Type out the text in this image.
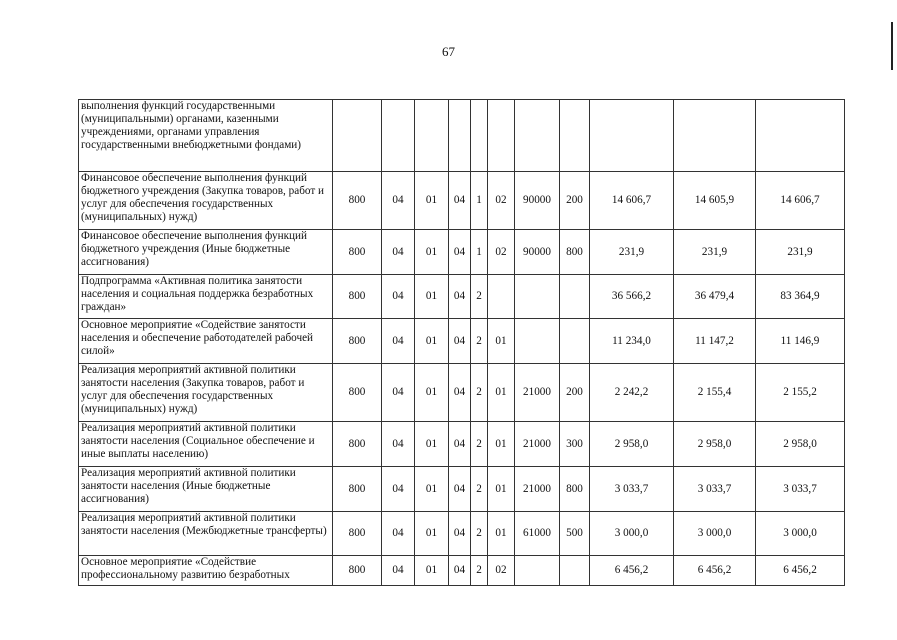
67
выполнения функций государственными (муниципальными) органами, казенными учреждениями, органами управления государственными внебюджетными фондами)									

Финансовое обеспечение выполнения функций бюджетного учреждения (Закупка товаров, работ и услуг для обеспечения государственных (муниципальных) нужд)	800	04	01	04	1	02	90000	200	14 606,7	14 605,9	14 606,7

Финансовое обеспечение выполнения функций бюджетного учреждения (Иные бюджетные ассигнования)	800	04	01	04	1	02	90000	800	231,9	231,9	231,9

Подпрограмма «Активная политика занятости населения и социальная поддержка безработных граждан»	800	04	01	04	2				36 566,2	36 479,4	83 364,9

Основное мероприятие «Содействие занятости населения и обеспечение работодателей рабочей силой»	800	04	01	04	2	01			11 234,0	11 147,2	11 146,9

Реализация мероприятий активной политики занятости населения (Закупка товаров, работ и услуг для обеспечения государственных (муниципальных) нужд)	800	04	01	04	2	01	21000	200	2 242,2	2 155,4	2 155,2

Реализация мероприятий активной политики занятости населения (Социальное обеспечение и иные выплаты населению)	800	04	01	04	2	01	21000	300	2 958,0	2 958,0	2 958,0

Реализация мероприятий активной политики занятости населения (Иные бюджетные ассигнования)	800	04	01	04	2	01	21000	800	3 033,7	3 033,7	3 033,7

Реализация мероприятий активной политики занятости населения (Межбюджетные трансферты)	800	04	01	04	2	01	61000	500	3 000,0	3 000,0	3 000,0

Основное мероприятие «Содействие профессиональному развитию безработных	800	04	01	04	2	02			6 456,2	6 456,2	6 456,2
